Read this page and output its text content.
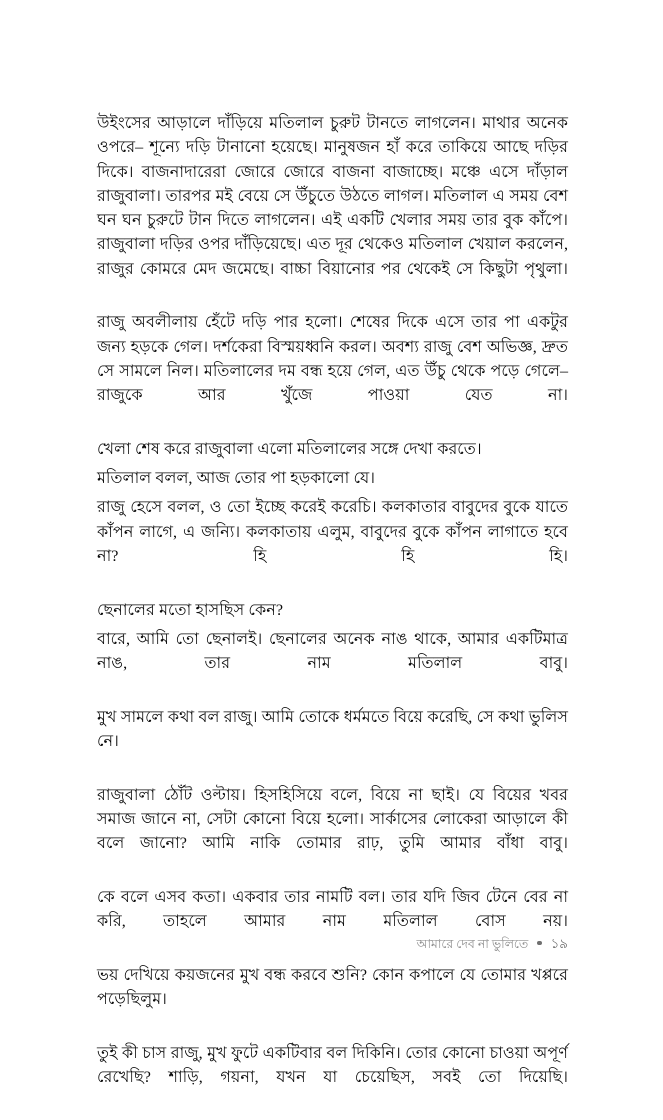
উইংসের আড়ালে দাঁড়িয়ে মতিলাল চুরুট টানতে লাগলেন। মাথার অনেক ওপরে– শূন্যে দড়ি টানানো হয়েছে। মানুষজন হাঁ করে তাকিয়ে আছে দড়ির দিকে। বাজনাদারেরা জোরে জোরে বাজনা বাজাচ্ছে। মঞ্চে এসে দাঁড়াল রাজুবালা। তারপর মই বেয়ে সে উঁচুতে উঠতে লাগল। মতিলাল এ সময় বেশ ঘন ঘন চুরুটে টান দিতে লাগলেন। এই একটি খেলার সময় তার বুক কাঁপে। রাজুবালা দড়ির ওপর দাঁড়িয়েছে। এত দূর থেকেও মতিলাল খেয়াল করলেন, রাজুর কোমরে মেদ জমেছে। বাচ্চা বিয়ানোর পর থেকেই সে কিছুটা পৃথুলা।

রাজু অবলীলায় হেঁটে দড়ি পার হলো। শেষের দিকে এসে তার পা একটুর জন্য হড়কে গেল। দর্শকেরা বিস্ময়ধ্বনি করল। অবশ্য রাজু বেশ অভিজ্ঞ, দ্রুত সে সামলে নিল। মতিলালের দম বন্ধ হয়ে গেল, এত উঁচু থেকে পড়ে গেলে– রাজুকে আর খুঁজে পাওয়া যেত না।

খেলা শেষ করে রাজুবালা এলো মতিলালের সঙ্গে দেখা করতে।

মতিলাল বলল, আজ তোর পা হড়কালো যে।

রাজু হেসে বলল, ও তো ইচ্ছে করেই করেচি। কলকাতার বাবুদের বুকে যাতে কাঁপন লাগে, এ জন্যি। কলকাতায় এলুম, বাবুদের বুকে কাঁপন লাগাতে হবে না? হি হি হি।

ছেনালের মতো হাসছিস কেন?

বারে, আমি তো ছেনালই। ছেনালের অনেক নাঙ থাকে, আমার একটিমাত্র নাঙ, তার নাম মতিলাল বাবু।

মুখ সামলে কথা বল রাজু। আমি তোকে ধর্মমতে বিয়ে করেছি, সে কথা ভুলিস নে।

রাজুবালা ঠোঁট ওল্টায়। হিসহিসিয়ে বলে, বিয়ে না ছাই। যে বিয়ের খবর সমাজ জানে না, সেটা কোনো বিয়ে হলো। সার্কাসের লোকেরা আড়ালে কী বলে জানো? আমি নাকি তোমার রাঢ়, তুমি আমার বাঁধা বাবু।

কে বলে এসব কতা। একবার তার নামটি বল। তার যদি জিব টেনে বের না করি, তাহলে আমার নাম মতিলাল বোস নয়।

ভয় দেখিয়ে কয়জনের মুখ বন্ধ করবে শুনি? কোন কপালে যে তোমার খপ্পরে পড়েছিলুম।

তুই কী চাস রাজু, মুখ ফুটে একটিবার বল দিকিনি। তোর কোনো চাওয়া অপূর্ণ রেখেছি? শাড়ি, গয়না, যখন যা চেয়েছিস, সবই তো দিয়েছি।

আমারে দেব না ভুলিতে ১৯
